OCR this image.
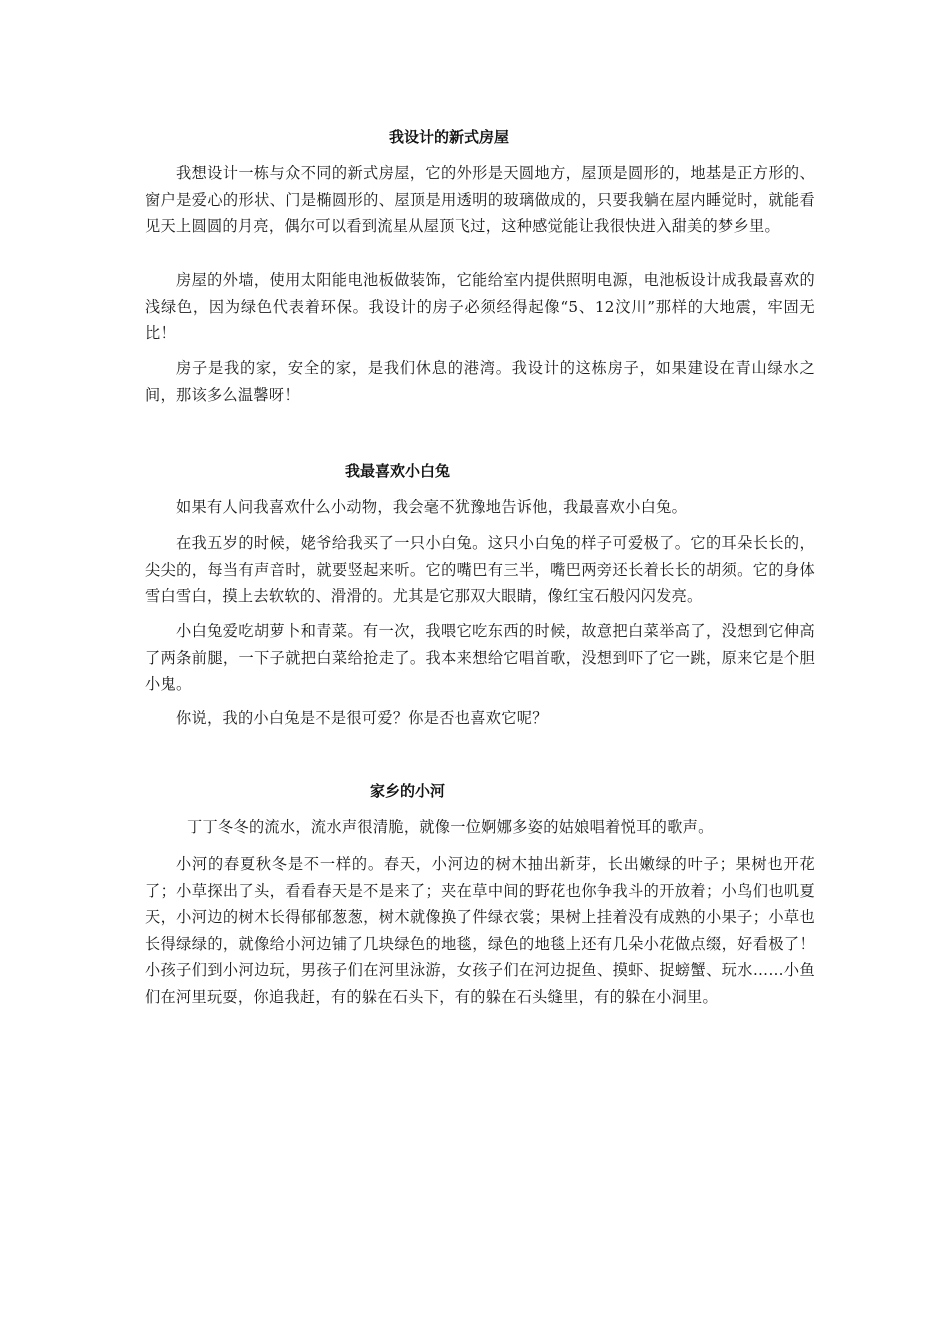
我设计的新式房屋

我想设计一栋与众不同的新式房屋，它的外形是天圆地方，屋顶是圆形的，地基是正方形的、窗户是爱心的形状、门是椭圆形的、屋顶是用透明的玻璃做成的，只要我躺在屋内睡觉时，就能看见天上圆圆的月亮，偶尔可以看到流星从屋顶飞过，这种感觉能让我很快进入甜美的梦乡里。

房屋的外墙，使用太阳能电池板做装饰，它能给室内提供照明电源，电池板设计成我最喜欢的浅绿色，因为绿色代表着环保。我设计的房子必须经得起像“5、12汶川”那样的大地震，牢固无比！

房子是我的家，安全的家，是我们休息的港湾。我设计的这栋房子，如果建设在青山绿水之间，那该多么温馨呀！

我最喜欢小白兔

如果有人问我喜欢什么小动物，我会毫不犹豫地告诉他，我最喜欢小白兔。

在我五岁的时候，姥爷给我买了一只小白兔。这只小白兔的样子可爱极了。它的耳朵长长的，尖尖的，每当有声音时，就要竖起来听。它的嘴巴有三半，嘴巴两旁还长着长长的胡须。它的身体雪白雪白，摸上去软软的、滑滑的。尤其是它那双大眼睛，像红宝石般闪闪发亮。

小白兔爱吃胡萝卜和青菜。有一次，我喂它吃东西的时候，故意把白菜举高了，没想到它伸高了两条前腿，一下子就把白菜给抢走了。我本来想给它唱首歌，没想到吓了它一跳，原来它是个胆小鬼。

你说，我的小白兔是不是很可爱？你是否也喜欢它呢？

家乡的小河

丁丁冬冬的流水，流水声很清脆，就像一位婀娜多姿的姑娘唱着悦耳的歌声。

小河的春夏秋冬是不一样的。春天，小河边的树木抽出新芽，长出嫩绿的叶子；果树也开花了；小草探出了头，看看春天是不是来了；夹在草中间的野花也你争我斗的开放着；小鸟们也叽夏天，小河边的树木长得郁郁葱葱，树木就像换了件绿衣裳；果树上挂着没有成熟的小果子；小草也长得绿绿的，就像给小河边铺了几块绿色的地毯，绿色的地毯上还有几朵小花做点缀，好看极了！小孩子们到小河边玩，男孩子们在河里泳游，女孩子们在河边捉鱼、摸虾、捉螃蟹、玩水……小鱼们在河里玩耍，你追我赶，有的躲在石头下，有的躲在石头缝里，有的躲在小洞里。
